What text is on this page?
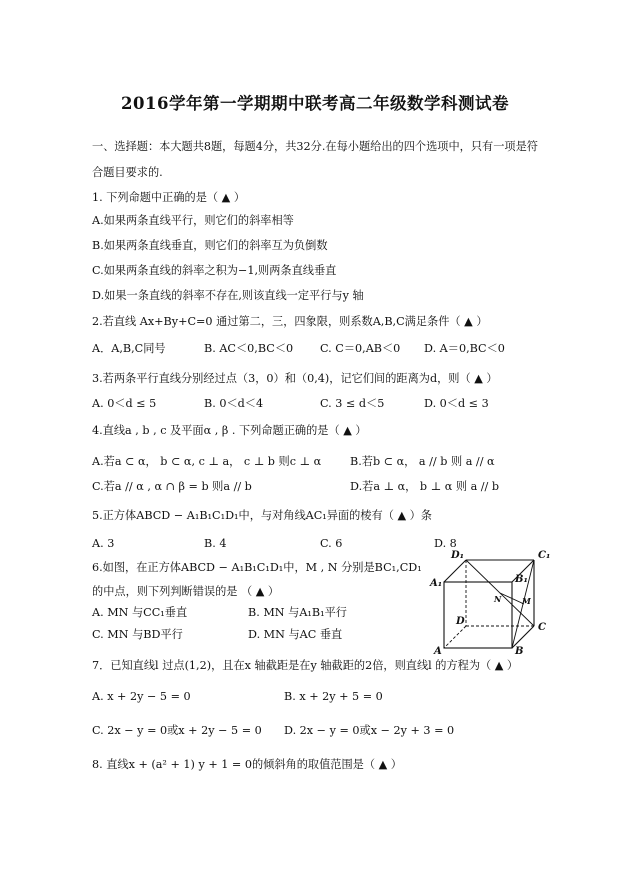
2016学年第一学期期中联考高二年级数学科测试卷
一、选择题：本大题共8题，每题4分，共32分.在每小题给出的四个选项中，只有一项是符合题目要求的.
1. 下列命题中正确的是（ ▲ ）
A.如果两条直线平行，则它们的斜率相等
B.如果两条直线垂直，则它们的斜率互为负倒数
C.如果两条直线的斜率之积为−1,则两条直线垂直
D.如果一条直线的斜率不存在,则该直线一定平行与y 轴
2.若直线 Ax+By+C=0 通过第二，三，四象限，则系数A,B,C满足条件（ ▲ ）
A．A,B,C同号	B. AC＜0,BC＜0 C. C＝0,AB＜0 D. A＝0,BC＜0
3.若两条平行直线分别经过点（3，0）和（0,4)，记它们间的距离为d，则（ ▲ ）
A. 0＜d ≤ 5	B. 0＜d＜4	C. 3 ≤ d＜5	D. 0＜d ≤ 3
4.直线a , b , c 及平面α , β . 下列命题正确的是（ ▲ ）
A.若a ⊂ α， b ⊂ α, c ⊥ a， c ⊥ b 则c ⊥ α	B.若b ⊂ α， a // b 则 a // α
C.若a // α , α ∩ β = b 则a // b	D.若a ⊥ α， b ⊥ α 则 a // b
5.正方体ABCD − A₁B₁C₁D₁中，与对角线AC₁异面的棱有（ ▲ ）条
A. 3	B. 4	C. 6	D. 8
6.如图，在正方体ABCD − A₁B₁C₁D₁中，M , N 分别是BC₁,CD₁
的中点，则下列判断错误的是 （ ▲ ）
A. MN 与CC₁垂直	B. MN 与A₁B₁平行
C. MN 与BD平行	D. MN 与AC 垂直
D₁	C₁
A₁	B₁
N	M
D
C
A	B
7．已知直线l 过点(1,2)，且在x 轴截距是在y 轴截距的2倍，则直线l 的方程为（ ▲ ）
A. x + 2y − 5 = 0	B. x + 2y + 5 = 0
C. 2x − y = 0或x + 2y − 5 = 0 D. 2x − y = 0或x − 2y + 3 = 0
8. 直线x + (a² + 1) y + 1 = 0的倾斜角的取值范围是（ ▲ ）
